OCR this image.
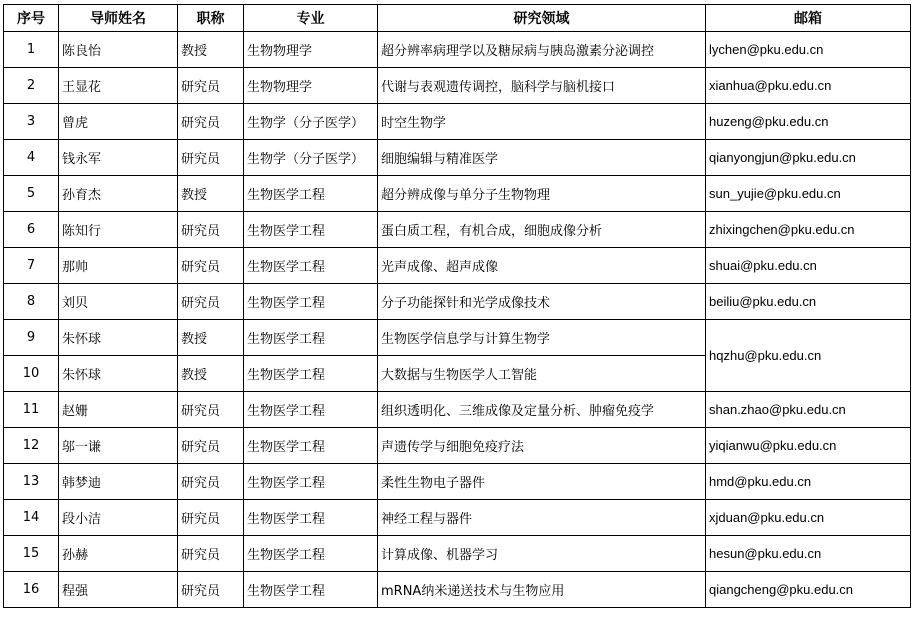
序号	导师姓名	职称	专业	研究领域	邮箱
1	陈良怡	教授	生物物理学	超分辨率病理学以及糖尿病与胰岛激素分泌调控	lychen@pku.edu.cn
2	王显花	研究员	生物物理学	代谢与表观遗传调控，脑科学与脑机接口	xianhua@pku.edu.cn
3	曾虎	研究员	生物学（分子医学）	时空生物学	huzeng@pku.edu.cn
4	钱永军	研究员	生物学（分子医学）	细胞编辑与精准医学	qianyongjun@pku.edu.cn
5	孙育杰	教授	生物医学工程	超分辨成像与单分子生物物理	sun_yujie@pku.edu.cn
6	陈知行	研究员	生物医学工程	蛋白质工程，有机合成，细胞成像分析	zhixingchen@pku.edu.cn
7	那帅	研究员	生物医学工程	光声成像、超声成像	shuai@pku.edu.cn
8	刘贝	研究员	生物医学工程	分子功能探针和光学成像技术	beiliu@pku.edu.cn
9	朱怀球	教授	生物医学工程	生物医学信息学与计算生物学	hqzhu@pku.edu.cn
10	朱怀球	教授	生物医学工程	大数据与生物医学人工智能	
11	赵姗	研究员	生物医学工程	组织透明化、三维成像及定量分析、肿瘤免疫学	shan.zhao@pku.edu.cn
12	邬一谦	研究员	生物医学工程	声遗传学与细胞免疫疗法	yiqianwu@pku.edu.cn
13	韩梦迪	研究员	生物医学工程	柔性生物电子器件	hmd@pku.edu.cn
14	段小洁	研究员	生物医学工程	神经工程与器件	xjduan@pku.edu.cn
15	孙赫	研究员	生物医学工程	计算成像、机器学习	hesun@pku.edu.cn
16	程强	研究员	生物医学工程	mRNA纳米递送技术与生物应用	qiangcheng@pku.edu.cn
